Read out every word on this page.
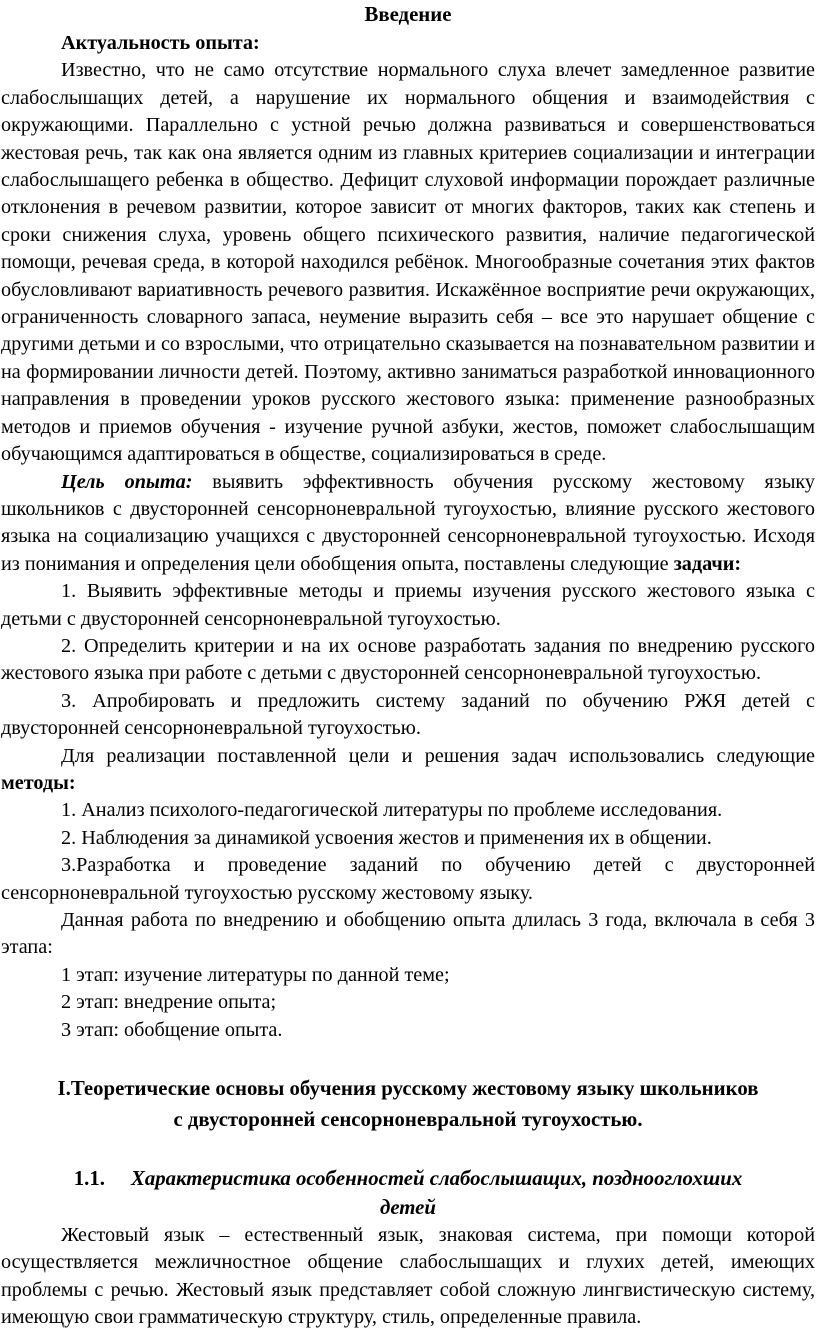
Введение

Актуальность опыта:

Известно, что не само отсутствие нормального слуха влечет замедленное развитие слабослышащих детей, а нарушение их нормального общения и взаимодействия с окружающими. Параллельно с устной речью должна развиваться и совершенствоваться жестовая речь, так как она является одним из главных критериев социализации и интеграции слабослышащего ребенка в общество. Дефицит слуховой информации порождает различные отклонения в речевом развитии, которое зависит от многих факторов, таких как степень и сроки снижения слуха, уровень общего психического развития, наличие педагогической помощи, речевая среда, в которой находился ребёнок. Многообразные сочетания этих фактов обусловливают вариативность речевого развития. Искажённое восприятие речи окружающих, ограниченность словарного запаса, неумение выразить себя – все это нарушает общение с другими детьми и со взрослыми, что отрицательно сказывается на познавательном развитии и на формировании личности детей. Поэтому, активно заниматься разработкой инновационного направления в проведении уроков русского жестового языка: применение разнообразных методов и приемов обучения - изучение ручной азбуки, жестов, поможет слабослышащим обучающимся адаптироваться в обществе, социализироваться в среде.

Цель опыта: выявить эффективность обучения русскому жестовому языку школьников с двусторонней сенсорноневральной тугоухостью, влияние русского жестового языка на социализацию учащихся с двусторонней сенсорноневральной тугоухостью. Исходя из понимания и определения цели обобщения опыта, поставлены следующие задачи:

1. Выявить эффективные методы и приемы изучения русского жестового языка с детьми с двусторонней сенсорноневральной тугоухостью.

2. Определить критерии и на их основе разработать задания по внедрению русского жестового языка при работе с детьми с двусторонней сенсорноневральной тугоухостью.

3. Апробировать и предложить систему заданий по обучению РЖЯ детей с двусторонней сенсорноневральной тугоухостью.

Для реализации поставленной цели и решения задач использовались следующие методы:

1. Анализ психолого-педагогической литературы по проблеме исследования.

2. Наблюдения за динамикой усвоения жестов и применения их в общении.

3.Разработка и проведение заданий по обучению детей с двусторонней сенсорноневральной тугоухостью русскому жестовому языку.

Данная работа по внедрению и обобщению опыта длилась 3 года, включала в себя 3 этапа:

1 этап: изучение литературы по данной теме;

2 этап: внедрение опыта;

3 этап: обобщение опыта.

I.Теоретические основы обучения русскому жестовому языку школьников с двусторонней сенсорноневральной тугоухостью.
1.1. Характеристика особенностей слабослышащих, позднооглохших детей

Жестовый язык – естественный язык, знаковая система, при помощи которой осуществляется межличностное общение слабослышащих и глухих детей, имеющих проблемы с речью. Жестовый язык представляет собой сложную лингвистическую систему, имеющую свои грамматическую структуру, стиль, определенные правила.
